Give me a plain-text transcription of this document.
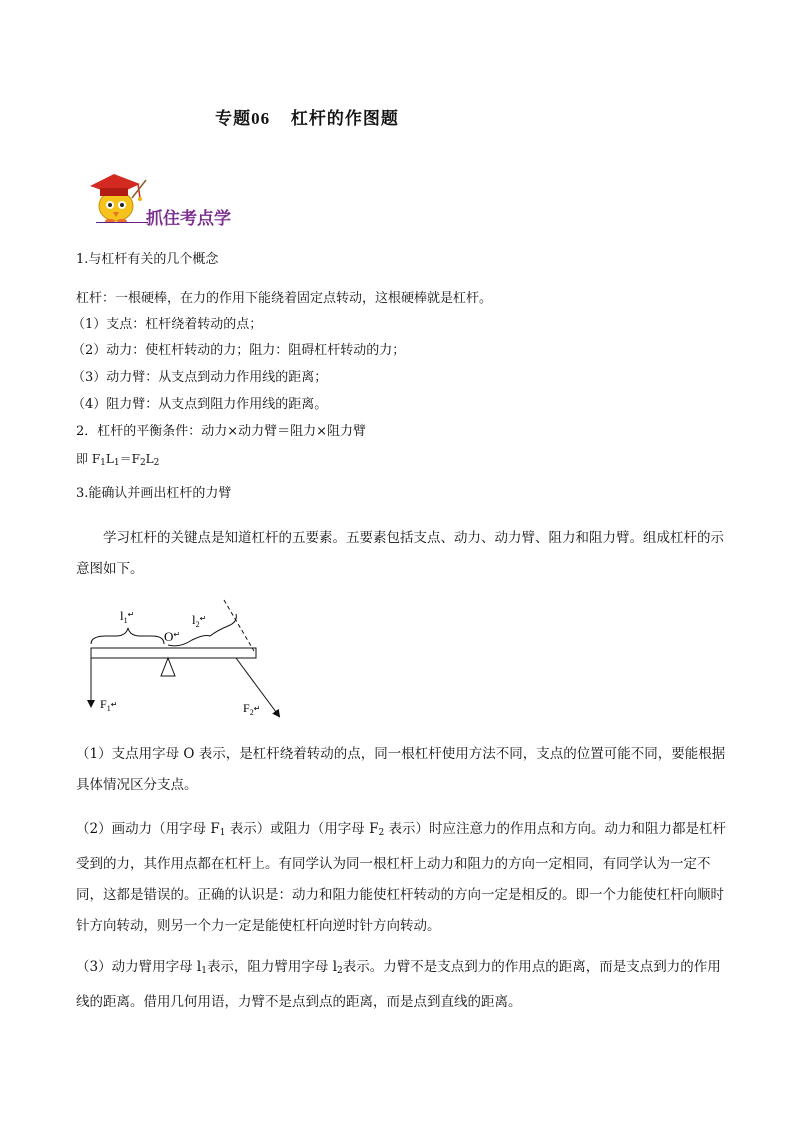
专题06 杠杆的作图题
抓住考点学
1.与杠杆有关的几个概念
杠杆：一根硬棒，在力的作用下能绕着固定点转动，这根硬棒就是杠杆。
（1）支点：杠杆绕着转动的点；
（2）动力：使杠杆转动的力；阻力：阻碍杠杆转动的力；
（3）动力臂：从支点到动力作用线的距离；
（4）阻力臂：从支点到阻力作用线的距离。
2．杠杆的平衡条件：动力×动力臂＝阻力×阻力臂
即 $F_1L_1=F_2L_2$
3.能确认并画出杠杆的力臂
学习杠杆的关键点是知道杠杆的五要素。五要素包括支点、动力、动力臂、阻力和阻力臂。组成杠杆的示意图如下。
$l_1^↵$	$l_2^↵$
O↵
$F_1^↵$	$F_2^↵$
（1）支点用字母 O 表示，是杠杆绕着转动的点，同一根杠杆使用方法不同，支点的位置可能不同，要能根据具体情况区分支点。
（2）画动力（用字母 $F_1$ 表示）或阻力（用字母 $F_2$ 表示）时应注意力的作用点和方向。动力和阻力都是杠杆受到的力，其作用点都在杠杆上。有同学认为同一根杠杆上动力和阻力的方向一定相同，有同学认为一定不同，这都是错误的。正确的认识是：动力和阻力能使杠杆转动的方向一定是相反的。即一个力能使杠杆向顺时针方向转动，则另一个力一定是能使杠杆向逆时针方向转动。
（3）动力臂用字母 $l_1$表示，阻力臂用字母 $l_2$表示。力臂不是支点到力的作用点的距离，而是支点到力的作用线的距离。借用几何用语，力臂不是点到点的距离，而是点到直线的距离。
